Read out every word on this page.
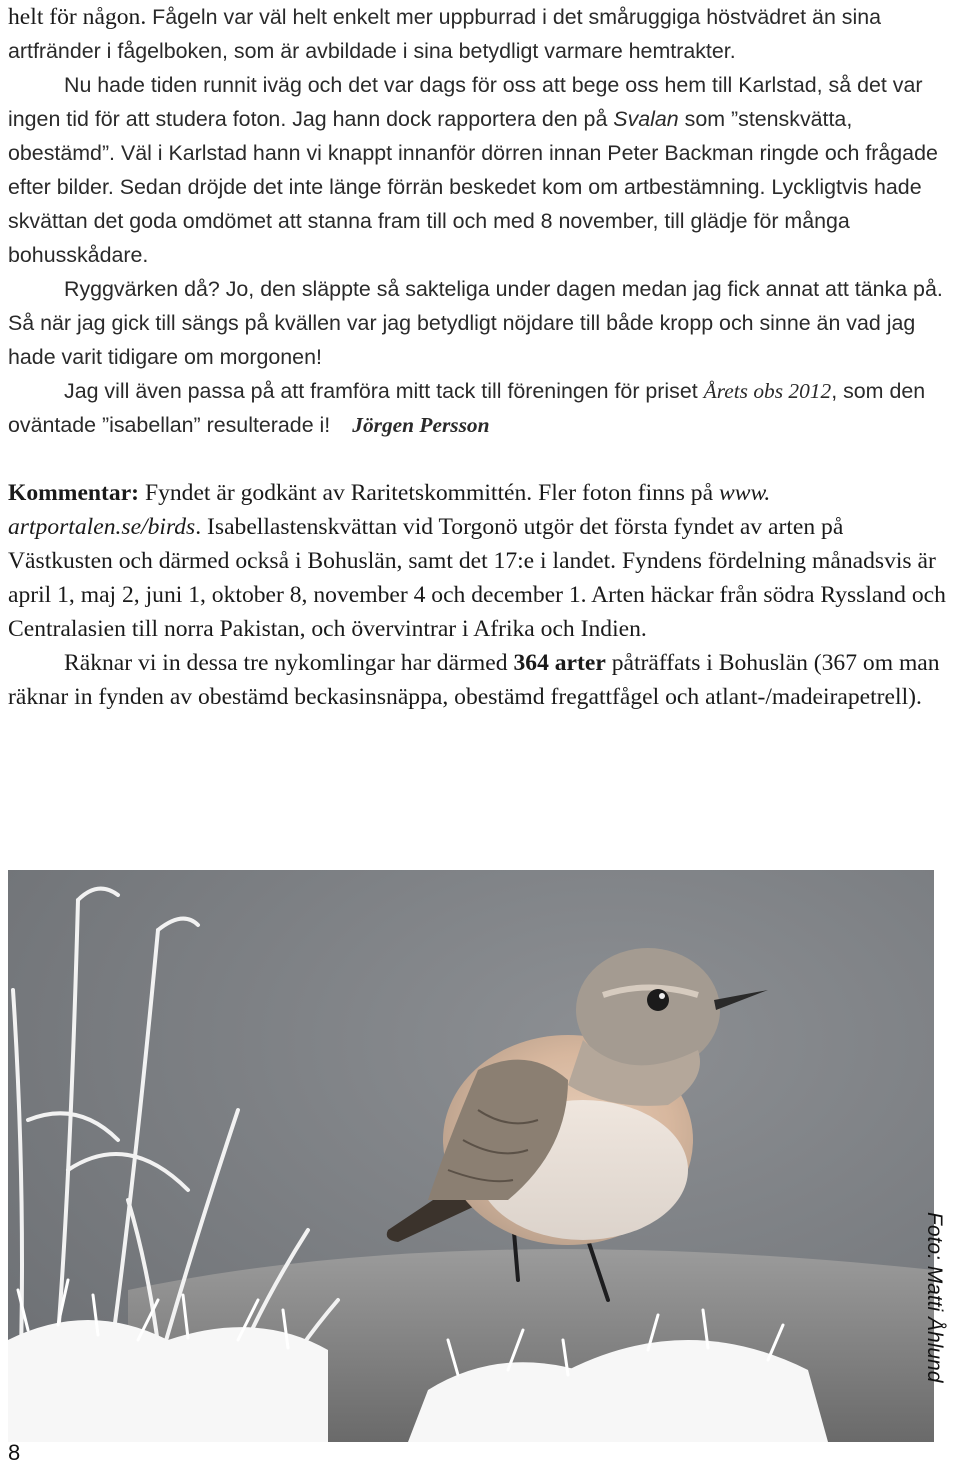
helt för någon. Fågeln var väl helt enkelt mer uppburrad i det småruggiga höstvädret än sina artfränder i fågelboken, som är avbildade i sina betydligt varmare hemtrakter.

Nu hade tiden runnit iväg och det var dags för oss att bege oss hem till Karlstad, så det var ingen tid för att studera foton. Jag hann dock rapportera den på Svalan som ”stenskvätta, obestämd”. Väl i Karlstad hann vi knappt innanför dörren innan Peter Backman ringde och frågade efter bilder. Sedan dröjde det inte länge förrän beskedet kom om artbestämning. Lyckligtvis hade skvättan det goda omdömet att stanna fram till och med 8 november, till glädje för många bohusskådare.

Ryggvärken då? Jo, den släppte så sakteliga under dagen medan jag fick annat att tänka på. Så när jag gick till sängs på kvällen var jag betydligt nöjdare till både kropp och sinne än vad jag hade varit tidigare om morgonen!

Jag vill även passa på att framföra mitt tack till föreningen för priset Årets obs 2012, som den oväntade ”isabellan” resulterade i! Jörgen Persson

Kommentar: Fyndet är godkänt av Raritetskommittén. Fler foton finns på www. artportalen.se/birds. Isabellastenskvättan vid Torgonö utgör det första fyndet av arten på Västkusten och därmed också i Bohuslän, samt det 17:e i landet. Fyndens fördelning månadsvis är april 1, maj 2, juni 1, oktober 8, november 4 och december 1. Arten häckar från södra Ryssland och Centralasien till norra Pakistan, och övervintrar i Afrika och Indien.

Räknar vi in dessa tre nykomlingar har därmed 364 arter påträffats i Bohuslän (367 om man räknar in fynden av obestämd beckasinsnäppa, obestämd fregattfågel och atlant-/madeirapetrell).

Foto: Matti Åhlund
8
